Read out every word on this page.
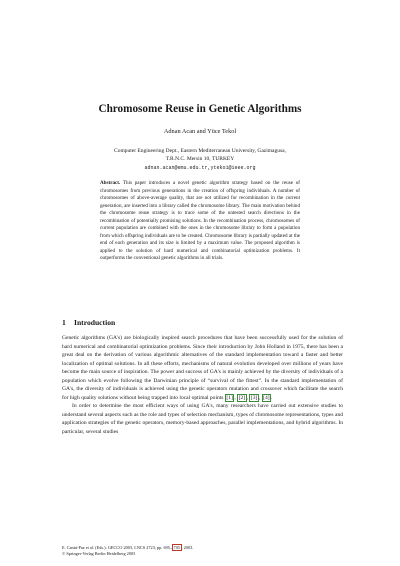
Chromosome Reuse in Genetic Algorithms
Adnan Acan and Yüce Tekol
Computer Engineering Dept., Eastern Mediterranean University, Gazimagusa,
T.R.N.C. Mersin 10, TURKEY
adnan.acan@emu.edu.tr,yteko1@ieee.org
Abstract. This paper introduces a novel genetic algorithm strategy based on the reuse of chromosomes from previous generations in the creation of offspring individuals. A number of chromosomes of above-average quality, that are not utilized for recombination in the current generation, are inserted into a library called the chromosome library. The main motivation behind the chromosome reuse strategy is to trace some of the untested search directions in the recombination of potentially promising solutions. In the recombination process, chromosomes of current population are combined with the ones in the chromosome library to form a population from which offspring individuals are to be created. Chromosome library is partially updated at the end of each generation and its size is limited by a maximum value. The proposed algorithm is applied to the solution of hard numerical and combinatorial optimization problems. It outperforms the conventional genetic algorithms in all trials.
1 Introduction

Genetic algorithms (GA's) are biologically inspired search procedures that have been successfully used for the solution of hard numerical and combinatorial optimization problems. Since their introduction by John Holland in 1975, there has been a great deal on the derivation of various algorithmic alternatives of the standard implementation toward a faster and better localization of optimal solutions. In all these efforts, mechanisms of natural evolution developed over millions of years have become the main source of inspiration. The power and success of GA's is mainly achieved by the diversity of individuals of a population which evolve following the Darwinian principle of “survival of the fittest”. In the standard implementation of GA's, the diversity of individuals is achieved using the genetic operators mutation and crossover which facilitate the search for high quality solutions without being trapped into local optimal points [1] , [2] , [3] , [4] .

In order to determine the most efficient ways of using GA's, many researchers have carried out extensive studies to understand several aspects such as the role and types of selection mechanism, types of chromosome representations, types and application strategies of the genetic operators, memory-based approaches, parallel implementations, and hybrid algorithms. In particular, several studies

E. Cantú-Paz et al. (Eds.): GECCO 2003, LNCS 2723, pp. 695– 705 , 2003.
© Springer-Verlag Berlin Heidelberg 2003
